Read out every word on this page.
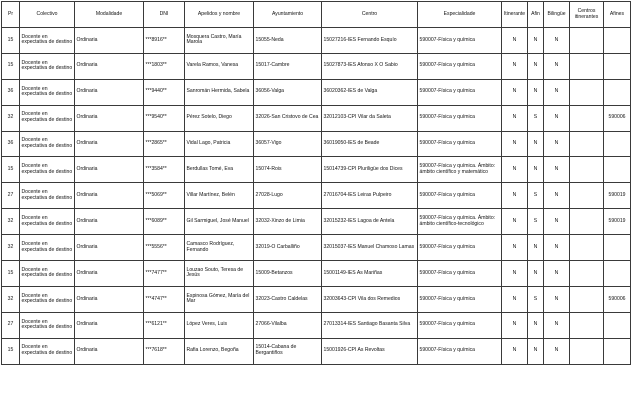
Pr	Colectivo	Modalidade	DNI	Apelidos y nombre	Ayuntamiento	Centro	Especialidade	Itinerante	Afin	Bilingüe	Centros itinerantes	Afines
15	Docente en expectativa de destino	Ordinaria	***8916**	Mosquera Castro, María Marola	15055-Neda	15027216-IES Fernando Esquío	590007-Física y química	N	N	N		
15	Docente en expectativa de destino	Ordinaria	***1803**	Varela Ramos, Vanesa	15017-Cambre	15027873-IES Afonso X O Sabio	590007-Física y química	N	N	N		
36	Docente en expectativa de destino	Ordinaria	***9440**	Sanromán Hermida, Sabela	36056-Valga	36020362-IES de Valga	590007-Física y química	N	N	N		
32	Docente en expectativa de destino	Ordinaria	***9540**	Pérez Sotelo, Diego	32026-San Cristovo de Cea	32012103-CPI Vilar da Saleta	590007-Física y química	N	S	N		590006
36	Docente en expectativa de destino	Ordinaria	***2865**	Vidal Lago, Patricia	36057-Vigo	36019050-IES de Beade	590007-Física y química	N	N	N		
15	Docente en expectativa de destino	Ordinaria	***3584**	Berdullas Tomé, Eva	15074-Rois	15014739-CPI Pluriligüe dos Dices	590007-Física y química. Ámbito: ámbito científico y matemático	N	N	N		
27	Docente en expectativa de destino	Ordinaria	***5069**	Villar Martínez, Belén	27028-Lugo	27016704-IES Leiras Pulpeiro	590007-Física y química	N	S	N		590019
32	Docente en expectativa de destino	Ordinaria	***6089**	Gil Sarmiguel, José Manuel	32032-Xinzo de Limia	32015232-IES Lagoa de Antela	590007-Física y química. Ámbito: ámbito científico-tecnológico	N	S	N		590019
32	Docente en expectativa de destino	Ordinaria	***5556**	Camasco Rodríguez, Fernando	32019-O Carballiño	32015037-IES Manuel Chamoso Lamas	590007-Física y química	N	N	N		
15	Docente en expectativa de destino	Ordinaria	***7477**	Louzao Souto, Teresa de Jesús	15009-Betanzos	15001149-IES As Mariñas	590007-Física y química	N	N	N		
32	Docente en expectativa de destino	Ordinaria	***4747**	Espinosa Gómez, María del Mar	32023-Castro Caldelas	32003643-CPI Vila dos Remedios	590007-Física y química	N	S	N		590006
27	Docente en expectativa de destino	Ordinaria	***6121**	López Veres, Luis	27066-Vilalba	27013314-IES Santiago Basanta Silva	590007-Física y química	N	N	N		
15	Docente en expectativa de destino	Ordinaria	***7618**	Rafia Lorenzo, Begoña	15014-Cabana de Bergantiños	15001926-CPI As Revoltas	590007-Física y química	N	N	N		
